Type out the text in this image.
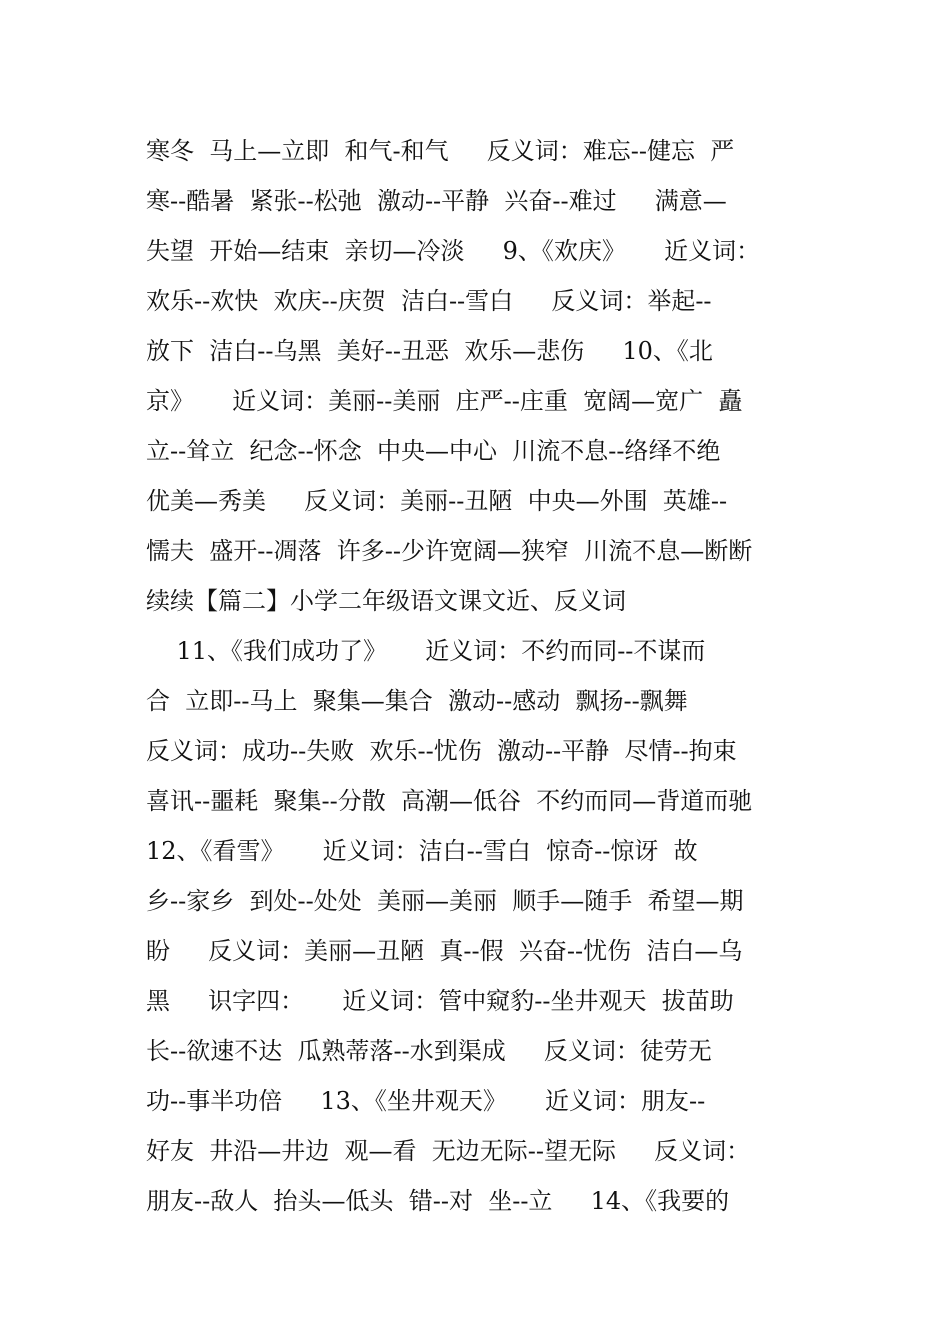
寒冬  马上—立即  和气-和气     反义词：难忘--健忘  严
寒--酷暑  紧张--松弛  激动--平静  兴奋--难过     满意—
失望  开始—结束  亲切—冷淡     9、《欢庆》     近义词：
欢乐--欢快  欢庆--庆贺  洁白--雪白     反义词：举起--
放下  洁白--乌黑  美好--丑恶  欢乐—悲伤     10、《北
京》     近义词：美丽--美丽  庄严--庄重  宽阔—宽广  矗
立--耸立  纪念--怀念  中央—中心  川流不息--络绎不绝
优美—秀美     反义词：美丽--丑陋  中央—外围  英雄--
懦夫  盛开--凋落  许多--少许宽阔—狭窄  川流不息—断断
续续【篇二】小学二年级语文课文近、反义词
11、《我们成功了》     近义词：不约而同--不谋而
合  立即--马上  聚集—集合  激动--感动  飘扬--飘舞
反义词：成功--失败  欢乐--忧伤  激动--平静  尽情--拘束
喜讯--噩耗  聚集--分散  高潮—低谷  不约而同—背道而驰
12、《看雪》     近义词：洁白--雪白  惊奇--惊讶  故
乡--家乡  到处--处处  美丽—美丽  顺手—随手  希望—期
盼     反义词：美丽—丑陋  真--假  兴奋--忧伤  洁白—乌
黑     识字四：     近义词：管中窥豹--坐井观天  拔苗助
长--欲速不达  瓜熟蒂落--水到渠成     反义词：徒劳无
功--事半功倍     13、《坐井观天》     近义词：朋友--
好友  井沿—井边  观—看  无边无际--望无际     反义词：
朋友--敌人  抬头—低头  错--对  坐--立     14、《我要的
